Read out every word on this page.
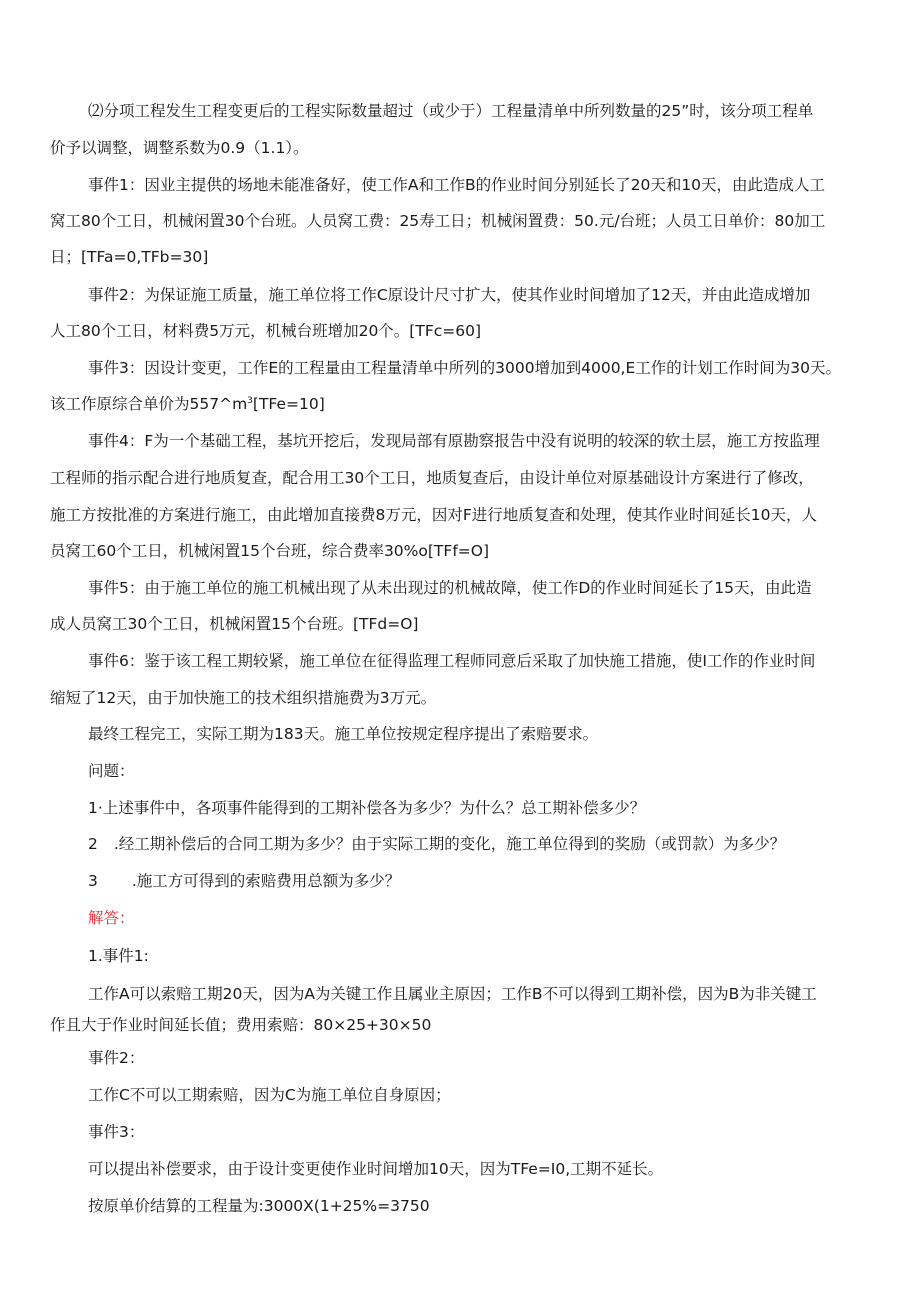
⑵分项工程发生工程变更后的工程实际数量超过（或少于）工程量清单中所列数量的25”时，该分项工程单
价予以调整，调整系数为0.9（1.1）。
事件1：因业主提供的场地未能准备好，使工作A和工作B的作业时间分别延长了20天和10天，由此造成人工
窝工80个工日，机械闲置30个台班。人员窝工费：25寿工日；机械闲置费：50.元/台班；人员工日单价：80加工
日；[TFa=0,TFb=30]
事件2：为保证施工质量，施工单位将工作C原设计尺寸扩大，使其作业时间增加了12天，并由此造成增加
人工80个工日，材料费5万元，机械台班增加20个。[TFc=60]
事件3：因设计变更，工作E的工程量由工程量清单中所列的3000增加到4000,E工作的计划工作时间为30天。
该工作原综合单价为$557\^{}m^3[TFe=10]$
事件4：F为一个基础工程，基坑开挖后，发现局部有原勘察报告中没有说明的较深的软土层，施工方按监理
工程师的指示配合进行地质复查，配合用工30个工日，地质复查后，由设计单位对原基础设计方案进行了修改，
施工方按批准的方案进行施工，由此增加直接费8万元，因对F进行地质复查和处理，使其作业时间延长10天，人
员窝工60个工日，机械闲置15个台班，综合费率30%o[TFf=O]
事件5：由于施工单位的施工机械出现了从未出现过的机械故障，使工作D的作业时间延长了15天，由此造
成人员窝工30个工日，机械闲置15个台班。[TFd=O]
事件6：鉴于该工程工期较紧，施工单位在征得监理工程师同意后采取了加快施工措施，使I工作的作业时间
缩短了12天，由于加快施工的技术组织措施费为3万元。
最终工程完工，实际工期为183天。施工单位按规定程序提出了索赔要求。
问题：
1·上述事件中，各项事件能得到的工期补偿各为多少？为什么？总工期补偿多少？
2 .经工期补偿后的合同工期为多少？由于实际工期的变化，施工单位得到的奖励（或罚款）为多少？
3 .施工方可得到的索赔费用总额为多少？
解答：
1.事件1:
工作A可以索赔工期20天，因为A为关键工作且属业主原因；工作B不可以得到工期补偿，因为B为非关键工
作且大于作业时间延长值；费用索赔：80×25+30×50
事件2：
工作C不可以工期索赔，因为C为施工单位自身原因；
事件3：
可以提出补偿要求，由于设计变更使作业时间增加10天，因为TFe=I0,工期不延长。
按原单价结算的工程量为:3000X(1+25%=3750
